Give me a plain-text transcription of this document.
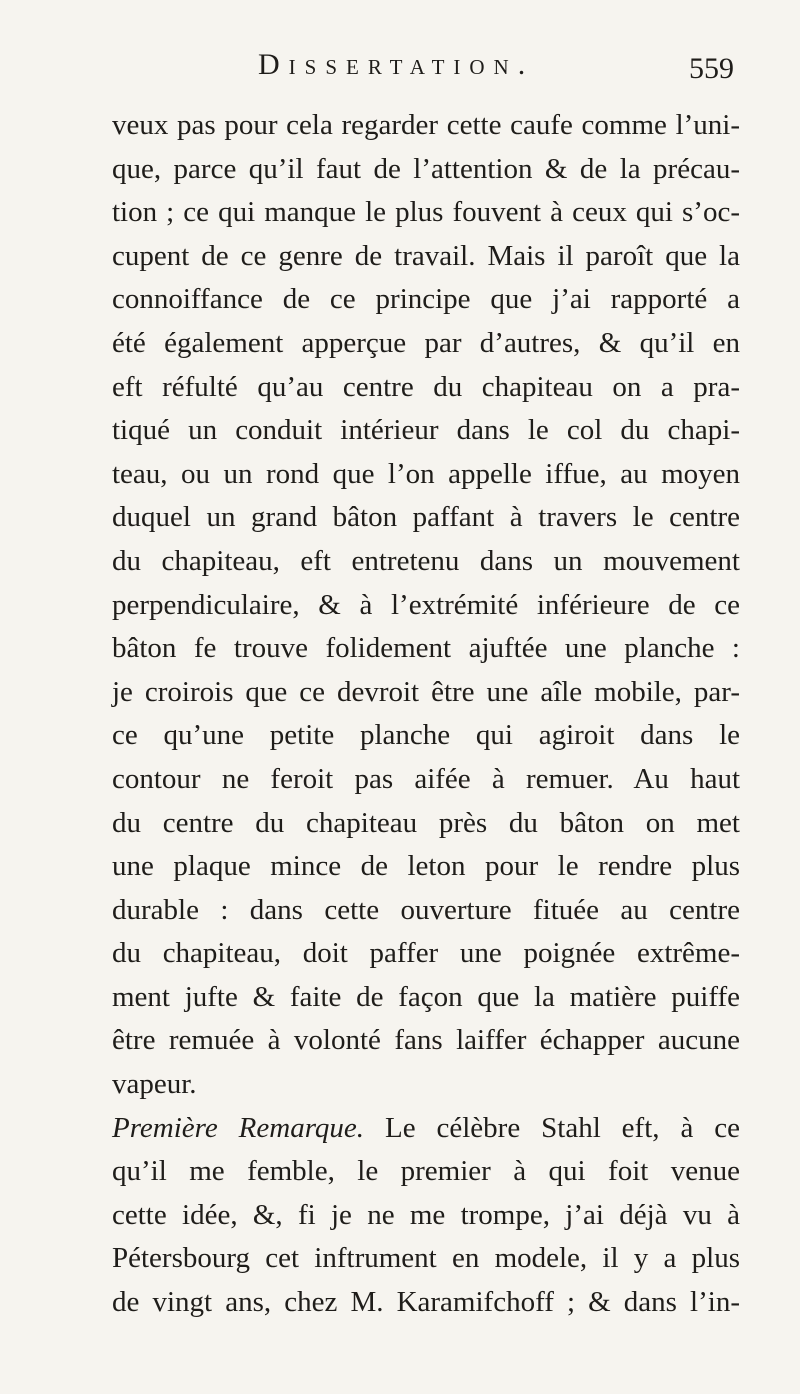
Dissertation.	559
veux pas pour cela regarder cette caufe comme l’uni-
que, parce qu’il faut de l’attention & de la précau-
tion ; ce qui manque le plus fouvent à ceux qui s’oc-
cupent de ce genre de travail. Mais il paroît que la
connoiffance de ce principe que j’ai rapporté a
été également apperçue par d’autres, & qu’il en
eft réfulté qu’au centre du chapiteau on a pra-
tiqué un conduit intérieur dans le col du chapi-
teau, ou un rond que l’on appelle iffue, au moyen
duquel un grand bâton paffant à travers le centre
du chapiteau, eft entretenu dans un mouvement
perpendiculaire, & à l’extrémité inférieure de ce
bâton fe trouve folidement ajuftée une planche :
je croirois que ce devroit être une aîle mobile, par-
ce qu’une petite planche qui agiroit dans le
contour ne feroit pas aifée à remuer. Au haut
du centre du chapiteau près du bâton on met
une plaque mince de leton pour le rendre plus
durable : dans cette ouverture fituée au centre
du chapiteau, doit paffer une poignée extrême-
ment jufte & faite de façon que la matière puiffe
être remuée à volonté fans laiffer échapper aucune
vapeur.
Première Remarque. Le célèbre Stahl eft, à ce
qu’il me femble, le premier à qui foit venue
cette idée, &, fi je ne me trompe, j’ai déjà vu à
Pétersbourg cet inftrument en modele, il y a plus
de vingt ans, chez M. Karamifchoff ; & dans l’in-
